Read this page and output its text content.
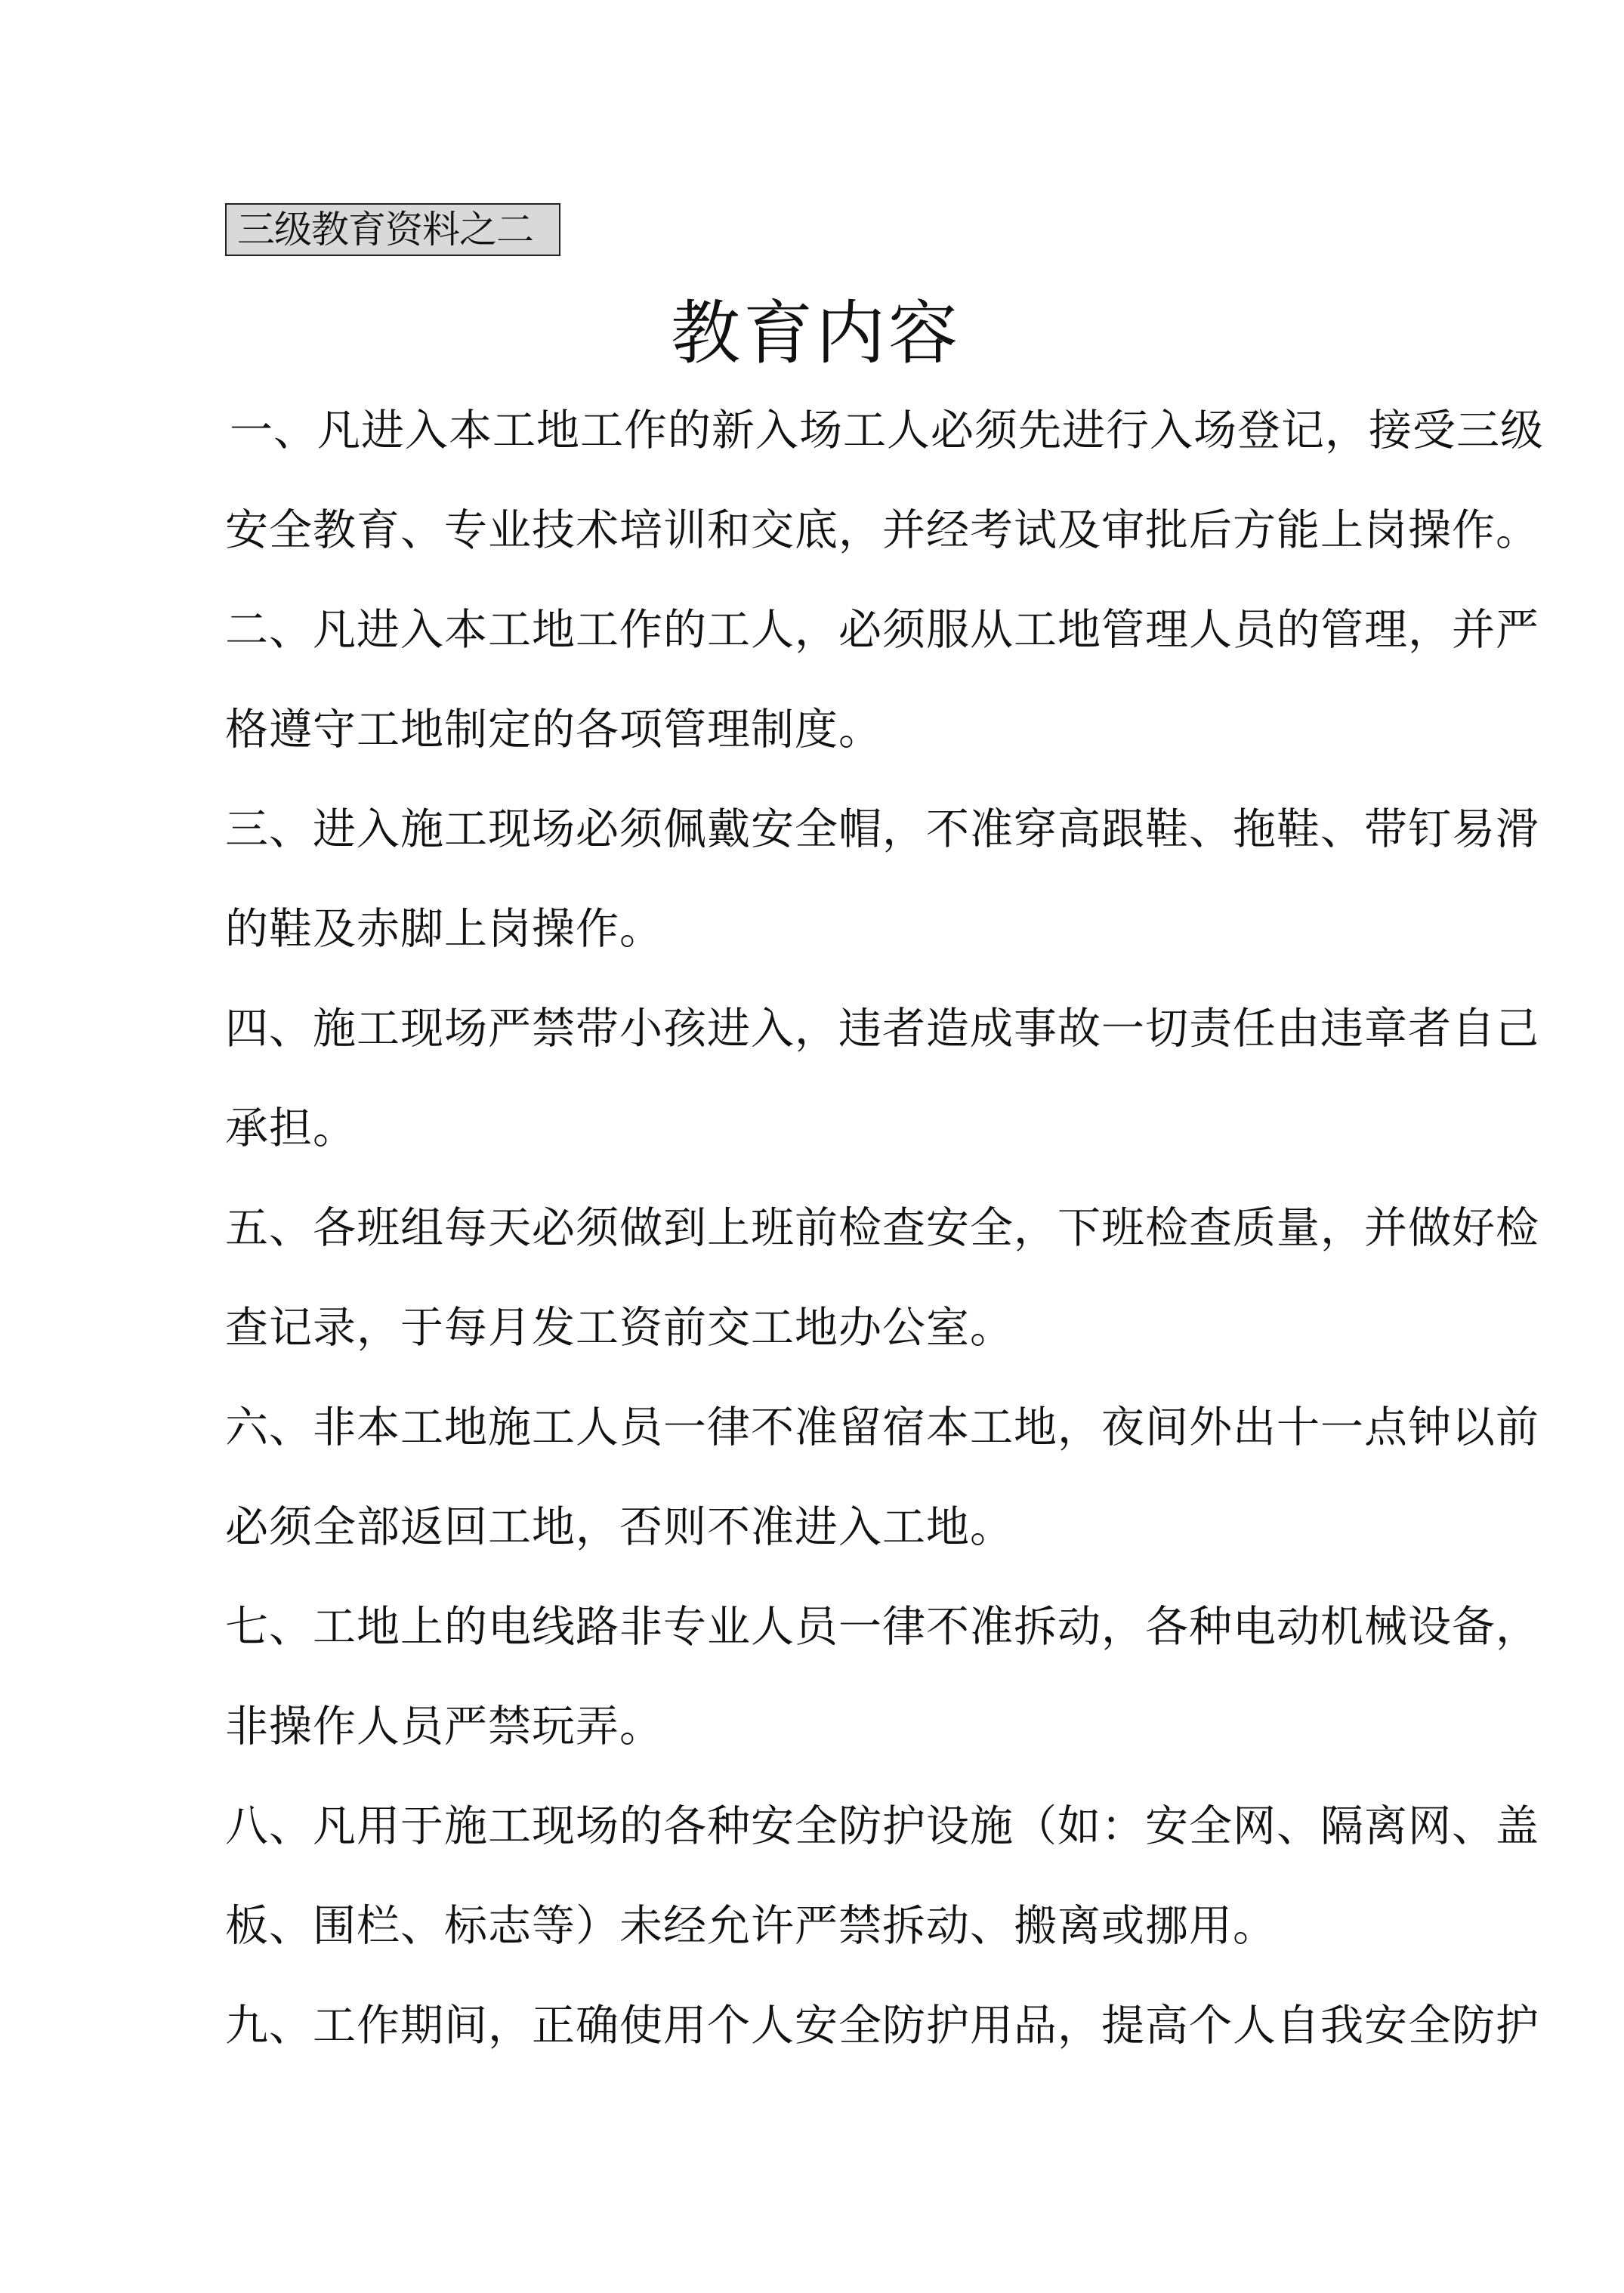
三级教育资料之二
教育内容
一、凡进入本工地工作的新入场工人必须先进行入场登记，接受三级
安全教育、专业技术培训和交底，并经考试及审批后方能上岗操作。
二、凡进入本工地工作的工人，必须服从工地管理人员的管理，并严
格遵守工地制定的各项管理制度。
三、进入施工现场必须佩戴安全帽，不准穿高跟鞋、拖鞋、带钉易滑
的鞋及赤脚上岗操作。
四、施工现场严禁带小孩进入，违者造成事故一切责任由违章者自己
承担。
五、各班组每天必须做到上班前检查安全，下班检查质量，并做好检
查记录，于每月发工资前交工地办公室。
六、非本工地施工人员一律不准留宿本工地，夜间外出十一点钟以前
必须全部返回工地，否则不准进入工地。
七、工地上的电线路非专业人员一律不准拆动，各种电动机械设备，
非操作人员严禁玩弄。
八、凡用于施工现场的各种安全防护设施（如：安全网、隔离网、盖
板、围栏、标志等）未经允许严禁拆动、搬离或挪用。
九、工作期间，正确使用个人安全防护用品，提高个人自我安全防护
